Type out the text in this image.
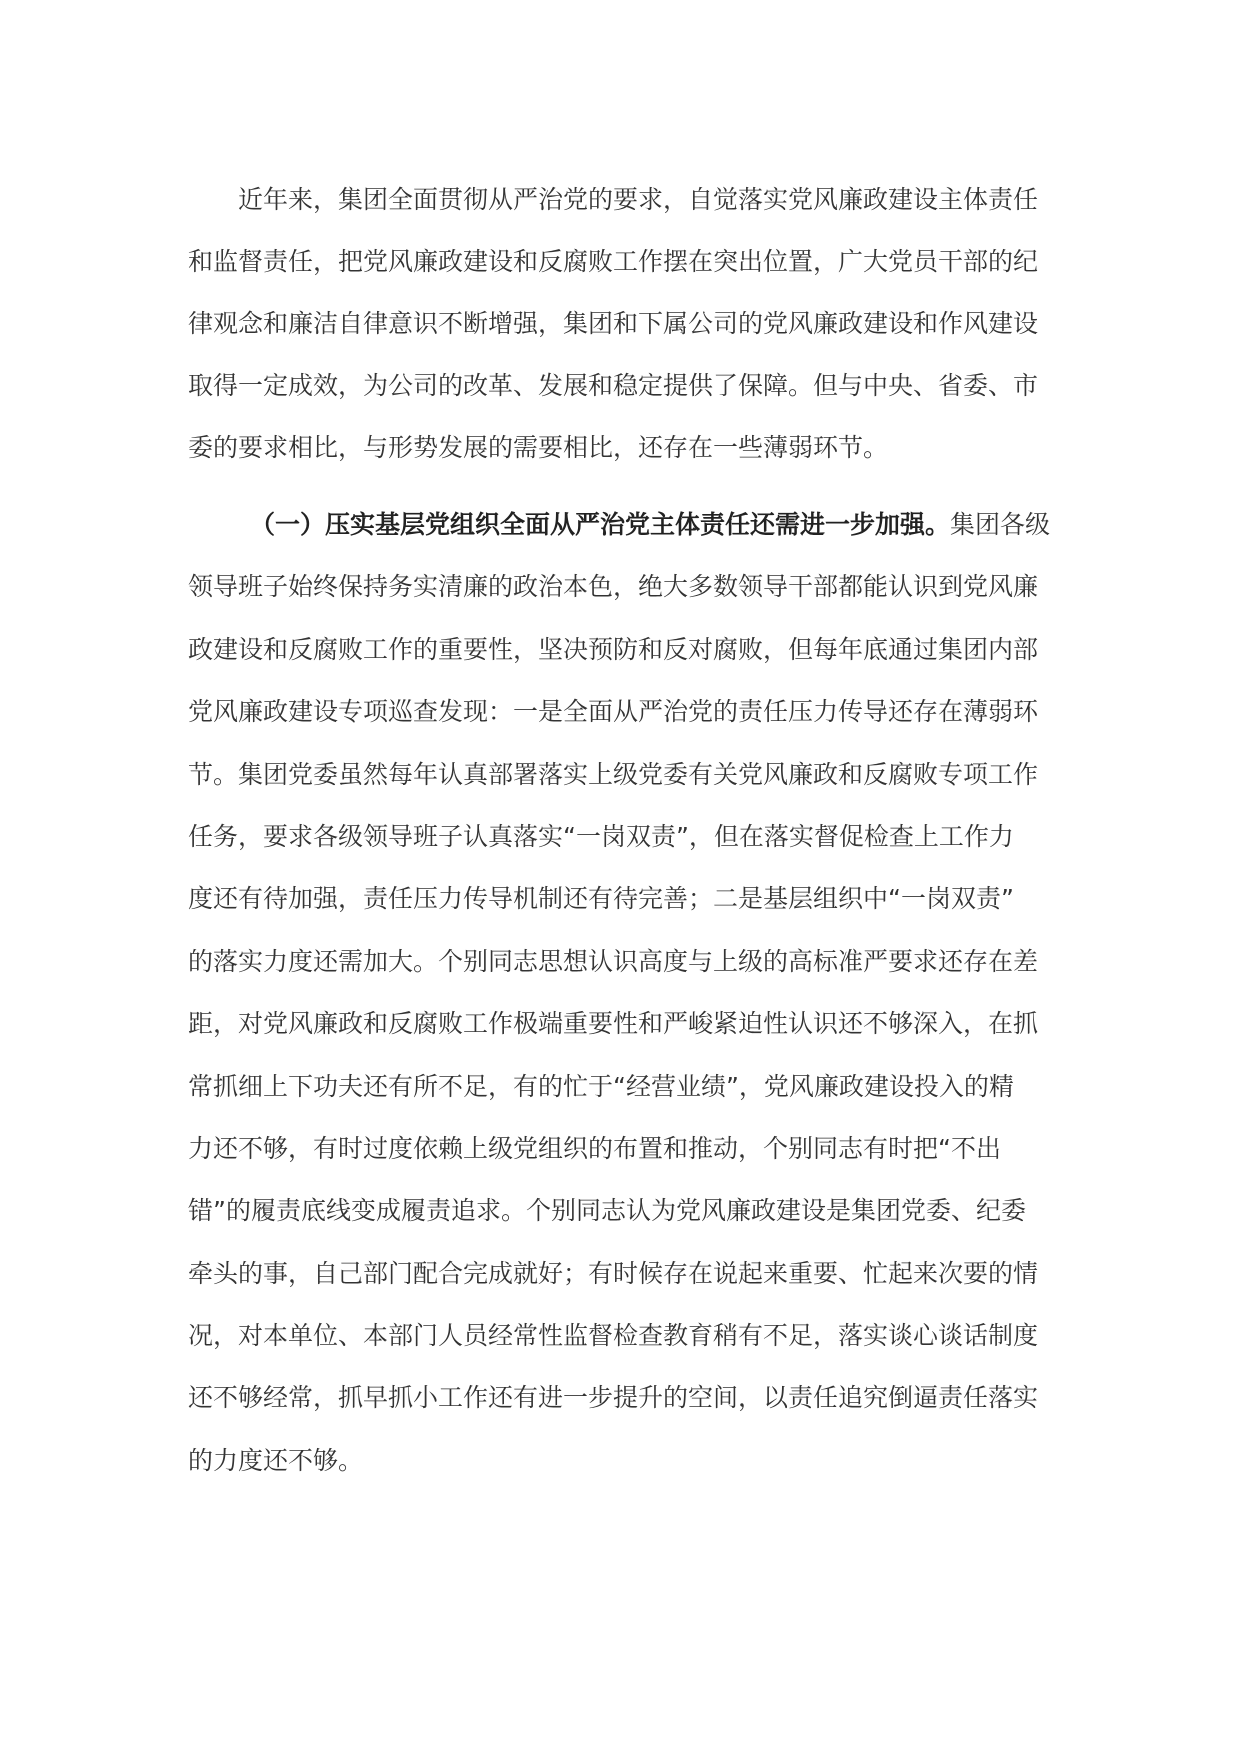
近年来，集团全面贯彻从严治党的要求，自觉落实党风廉政建设主体责任
和监督责任，把党风廉政建设和反腐败工作摆在突出位置，广大党员干部的纪
律观念和廉洁自律意识不断增强，集团和下属公司的党风廉政建设和作风建设
取得一定成效，为公司的改革、发展和稳定提供了保障。但与中央、省委、市
委的要求相比，与形势发展的需要相比，还存在一些薄弱环节。
（一）压实基层党组织全面从严治党主体责任还需进一步加强。集团各级
领导班子始终保持务实清廉的政治本色，绝大多数领导干部都能认识到党风廉
政建设和反腐败工作的重要性，坚决预防和反对腐败，但每年底通过集团内部
党风廉政建设专项巡查发现：一是全面从严治党的责任压力传导还存在薄弱环
节。集团党委虽然每年认真部署落实上级党委有关党风廉政和反腐败专项工作
任务，要求各级领导班子认真落实“一岗双责”，但在落实督促检查上工作力
度还有待加强，责任压力传导机制还有待完善；二是基层组织中“一岗双责”
的落实力度还需加大。个别同志思想认识高度与上级的高标准严要求还存在差
距，对党风廉政和反腐败工作极端重要性和严峻紧迫性认识还不够深入，在抓
常抓细上下功夫还有所不足，有的忙于“经营业绩”，党风廉政建设投入的精
力还不够，有时过度依赖上级党组织的布置和推动，个别同志有时把“不出
错”的履责底线变成履责追求。个别同志认为党风廉政建设是集团党委、纪委
牵头的事，自己部门配合完成就好；有时候存在说起来重要、忙起来次要的情
况，对本单位、本部门人员经常性监督检查教育稍有不足，落实谈心谈话制度
还不够经常，抓早抓小工作还有进一步提升的空间，以责任追究倒逼责任落实
的力度还不够。
